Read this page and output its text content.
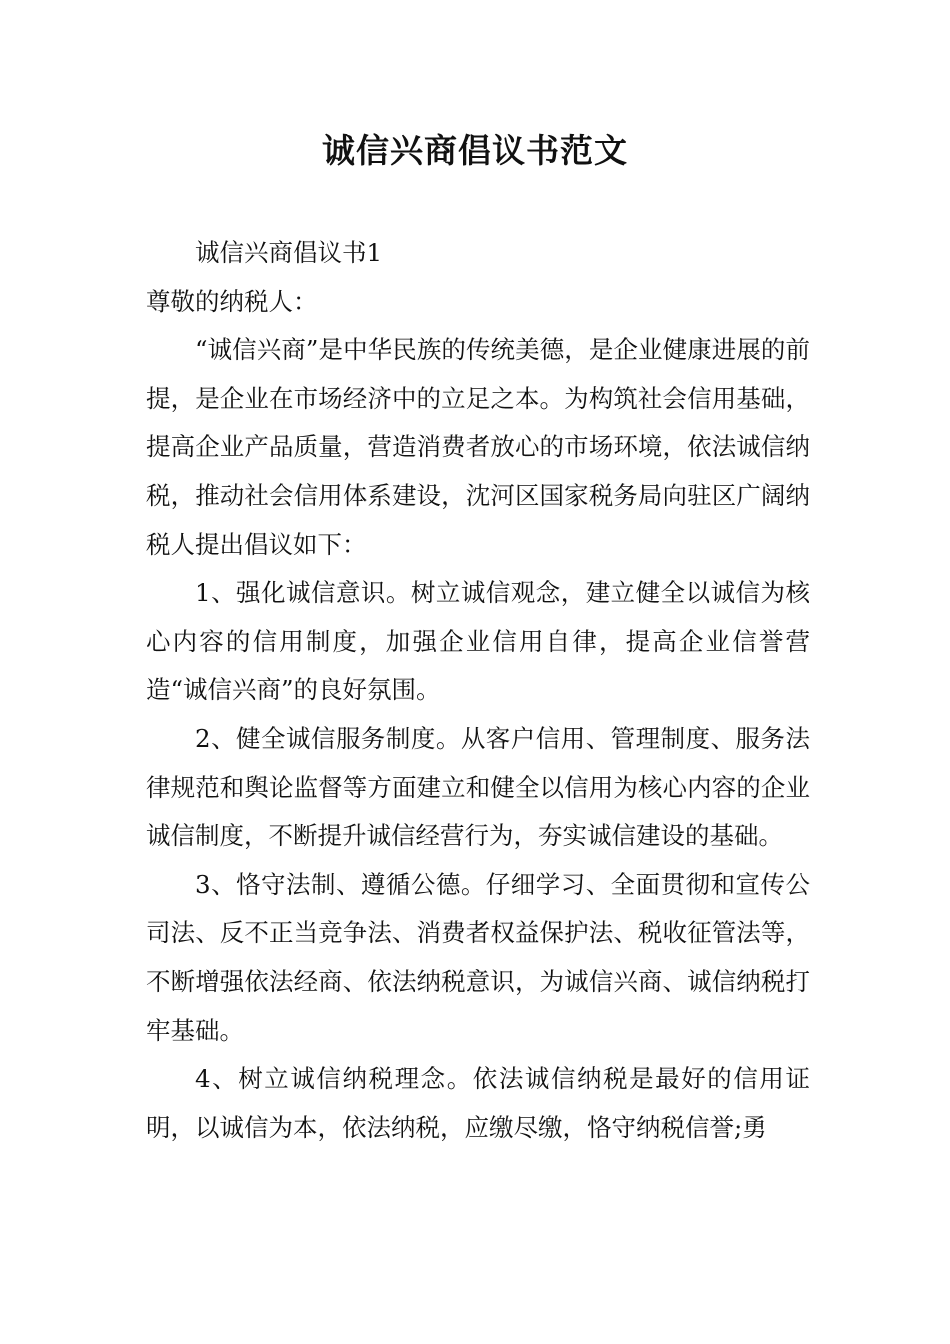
诚信兴商倡议书范文

诚信兴商倡议书1

尊敬的纳税人：

“诚信兴商”是中华民族的传统美德，是企业健康进展的前提，是企业在市场经济中的立足之本。为构筑社会信用基础，提高企业产品质量，营造消费者放心的市场环境，依法诚信纳税，推动社会信用体系建设，沈河区国家税务局向驻区广阔纳税人提出倡议如下：

1、强化诚信意识。树立诚信观念，建立健全以诚信为核心内容的信用制度，加强企业信用自律，提高企业信誉营造“诚信兴商”的良好氛围。

2、健全诚信服务制度。从客户信用、管理制度、服务法律规范和舆论监督等方面建立和健全以信用为核心内容的企业诚信制度，不断提升诚信经营行为，夯实诚信建设的基础。

3、恪守法制、遵循公德。仔细学习、全面贯彻和宣传公司法、反不正当竞争法、消费者权益保护法、税收征管法等，不断增强依法经商、依法纳税意识，为诚信兴商、诚信纳税打牢基础。

4、树立诚信纳税理念。依法诚信纳税是最好的信用证明，以诚信为本，依法纳税，应缴尽缴，恪守纳税信誉;勇
